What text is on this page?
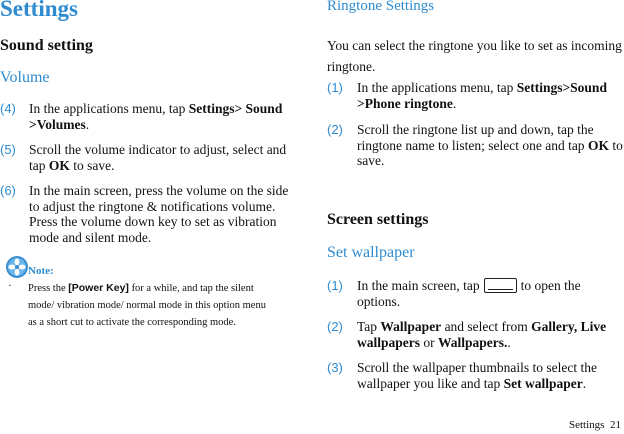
Settings
Sound setting
Volume
(4) In the applications menu, tap Settings> Sound
>Volumes.
(5) Scroll the volume indicator to adjust, select and
tap OK to save.
(6) In the main screen, press the volume on the side
to adjust the ringtone & notifications volume.
Press the volume down key to set as vibration
mode and silent mode.
Note:
· Press the [Power Key] for a while, and tap the silent
mode/ vibration mode/ normal mode in this option menu
as a short cut to activate the corresponding mode.
Ringtone Settings
You can select the ringtone you like to set as incoming
ringtone.
(1) In the applications menu, tap Settings>Sound
>Phone ringtone.
(2) Scroll the ringtone list up and down, tap the
ringtone name to listen; select one and tap OK to
save.
Screen settings
Set wallpaper
(1) In the main screen, tap	to open the
options.
(2) Tap Wallpaper and select from Gallery, Live
wallpapers or Wallpapers..
(3) Scroll the wallpaper thumbnails to select the
wallpaper you like and tap Set wallpaper.
Settings 21
